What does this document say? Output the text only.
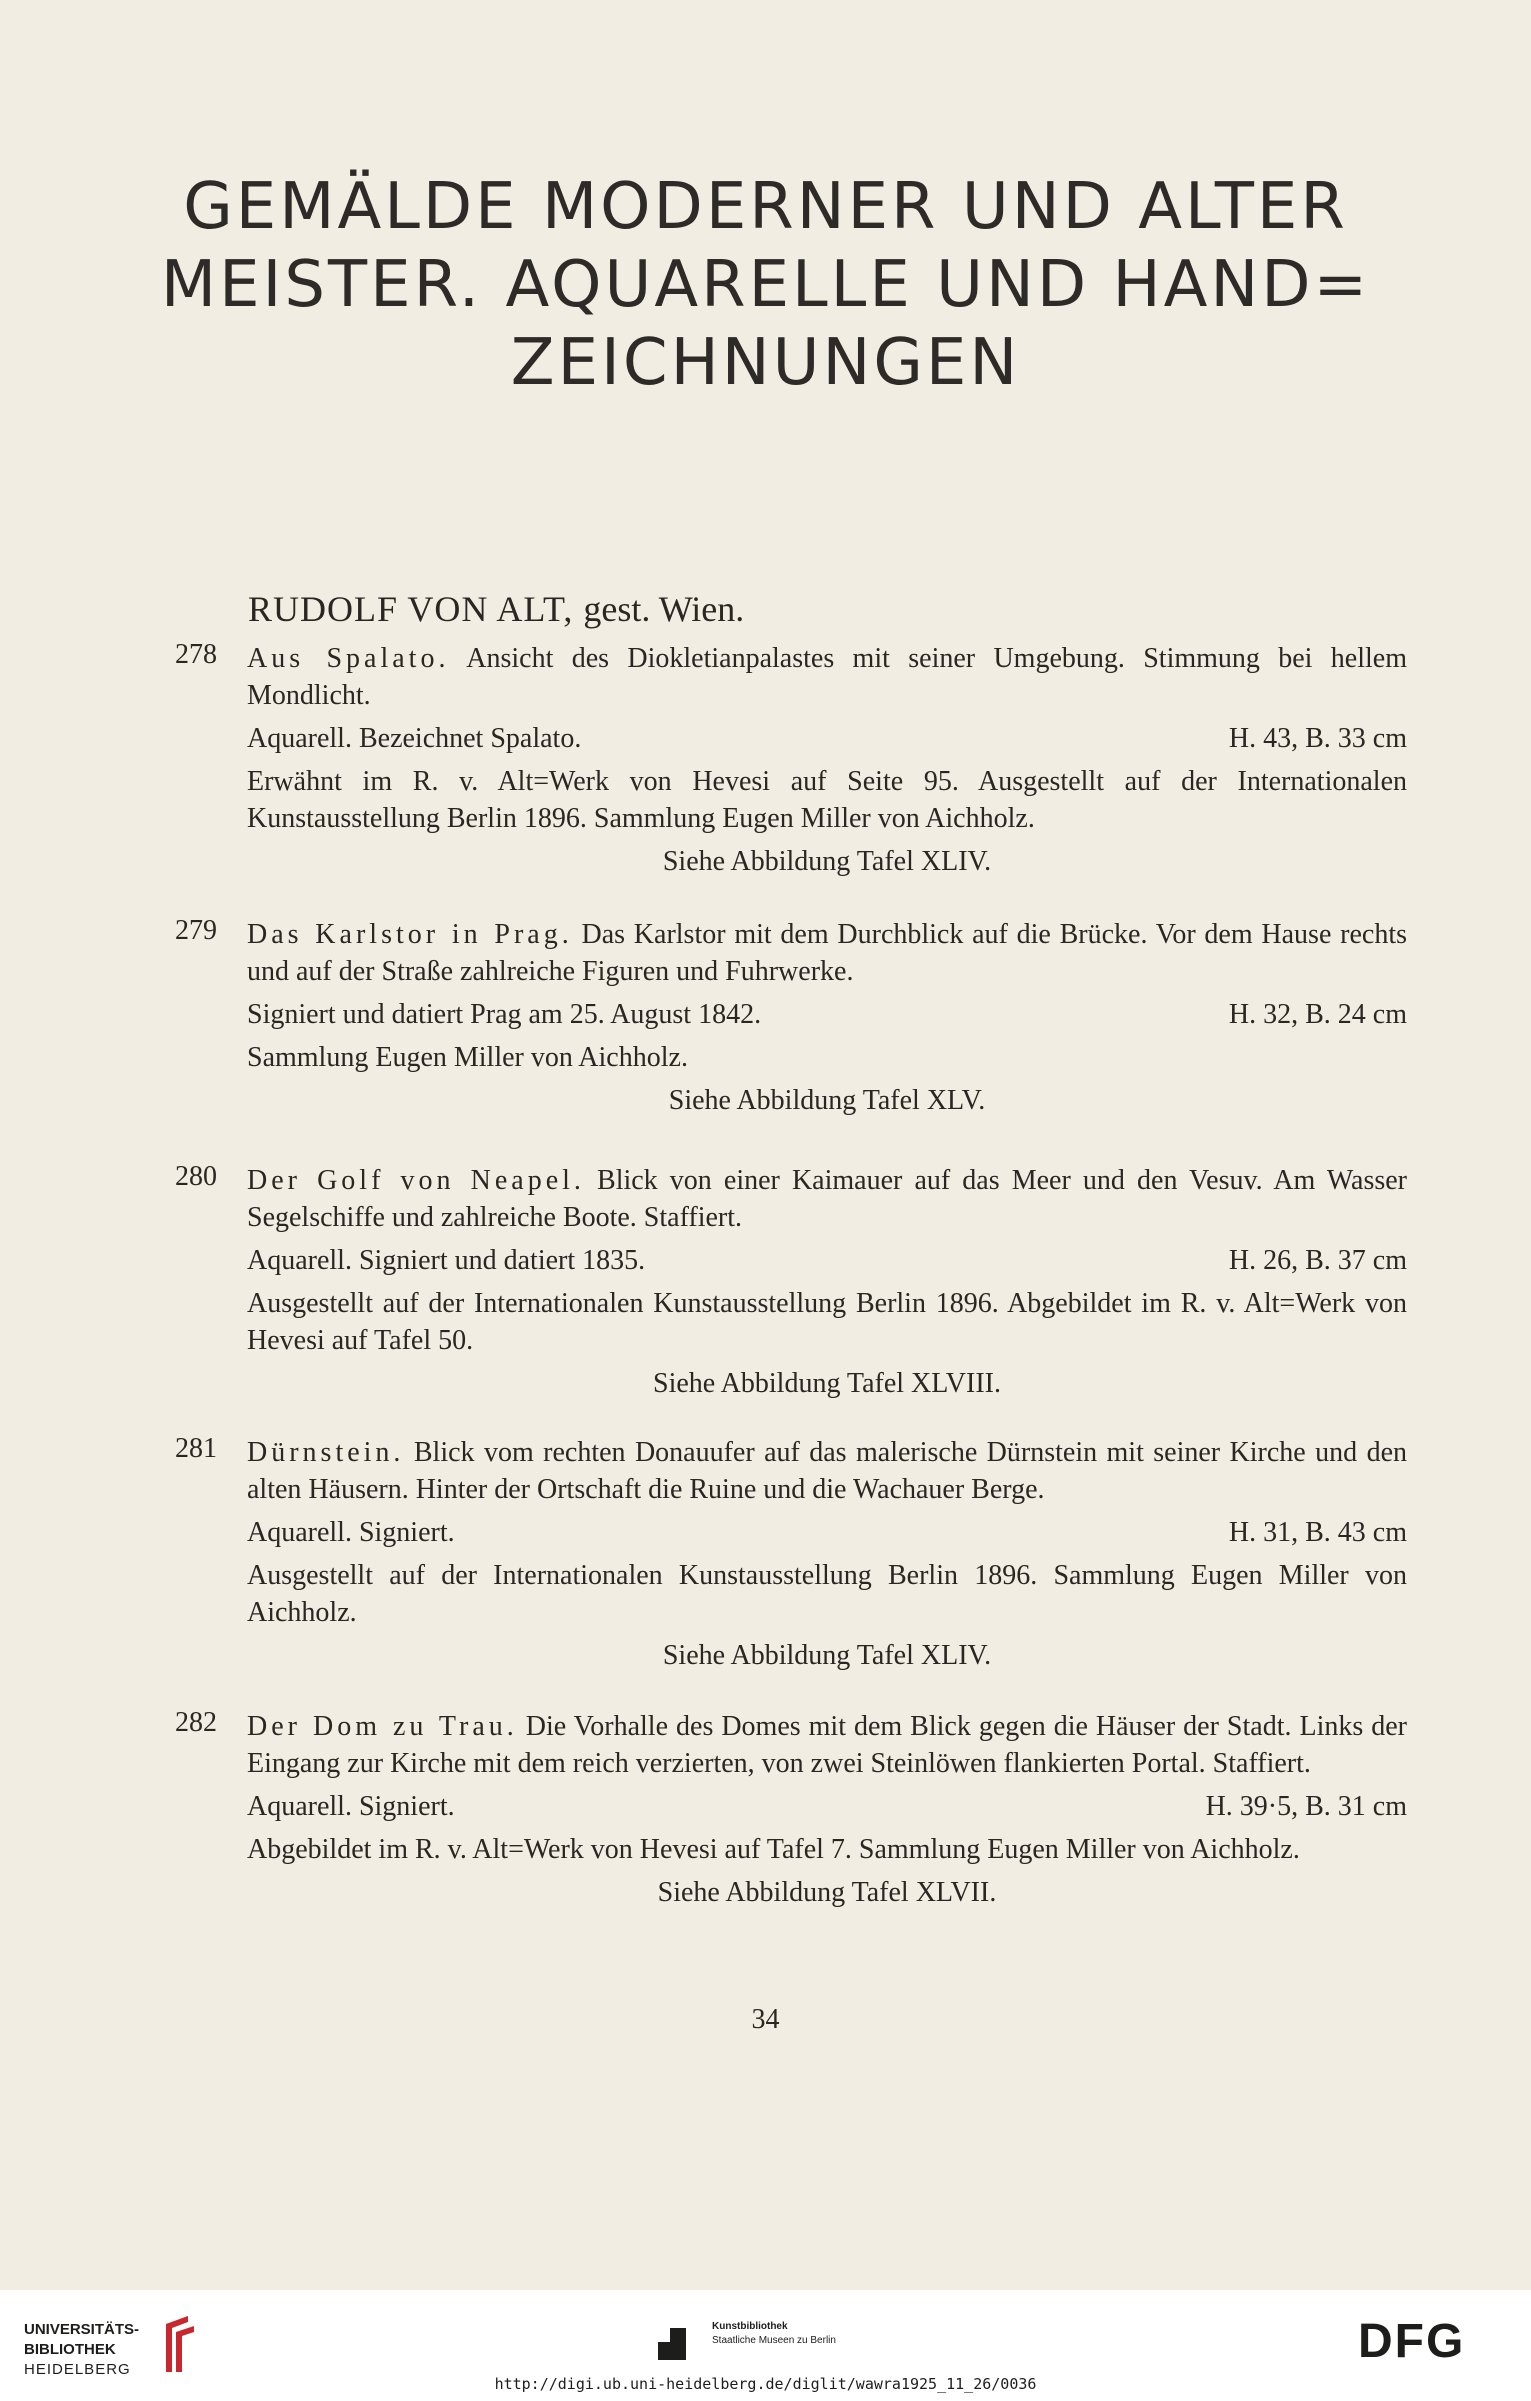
GEMÄLDE MODERNER UND ALTER
MEISTER. AQUARELLE UND HAND=
ZEICHNUNGEN
RUDOLF VON ALT, gest. Wien.
278	Aus Spalato. Ansicht des Diokletianpalastes mit seiner Umgebung. Stimmung bei hellem Mondlicht.
Aquarell. Bezeichnet Spalato.	H. 43, B. 33 cm
Erwähnt im R. v. Alt=Werk von Hevesi auf Seite 95. Ausgestellt auf der Internationalen Kunstausstellung Berlin 1896. Sammlung Eugen Miller von Aichholz.
Siehe Abbildung Tafel XLIV.
279	Das Karlstor in Prag. Das Karlstor mit dem Durchblick auf die Brücke. Vor dem Hause rechts und auf der Straße zahlreiche Figuren und Fuhrwerke.
Signiert und datiert Prag am 25. August 1842.	H. 32, B. 24 cm
Sammlung Eugen Miller von Aichholz.
Siehe Abbildung Tafel XLV.
280	Der Golf von Neapel. Blick von einer Kaimauer auf das Meer und den Vesuv. Am Wasser Segelschiffe und zahlreiche Boote. Staffiert.
Aquarell. Signiert und datiert 1835.	H. 26, B. 37 cm
Ausgestellt auf der Internationalen Kunstausstellung Berlin 1896. Abgebildet im R. v. Alt=Werk von Hevesi auf Tafel 50.
Siehe Abbildung Tafel XLVIII.
281	Dürnstein. Blick vom rechten Donauufer auf das malerische Dürnstein mit seiner Kirche und den alten Häusern. Hinter der Ortschaft die Ruine und die Wachauer Berge.
Aquarell. Signiert.	H. 31, B. 43 cm
Ausgestellt auf der Internationalen Kunstausstellung Berlin 1896. Sammlung Eugen Miller von Aichholz.
Siehe Abbildung Tafel XLIV.
282	Der Dom zu Trau. Die Vorhalle des Domes mit dem Blick gegen die Häuser der Stadt. Links der Eingang zur Kirche mit dem reich verzierten, von zwei Steinlöwen flankierten Portal. Staffiert.
Aquarell. Signiert.	H. 39·5, B. 31 cm
Abgebildet im R. v. Alt=Werk von Hevesi auf Tafel 7. Sammlung Eugen Miller von Aichholz.
Siehe Abbildung Tafel XLVII.
34
UNIVERSITÄTS-
BIBLIOTHEK
HEIDELBERG
Kunstbibliothek
Staatliche Museen zu Berlin	DFG
http://digi.ub.uni-heidelberg.de/diglit/wawra1925_11_26/0036
